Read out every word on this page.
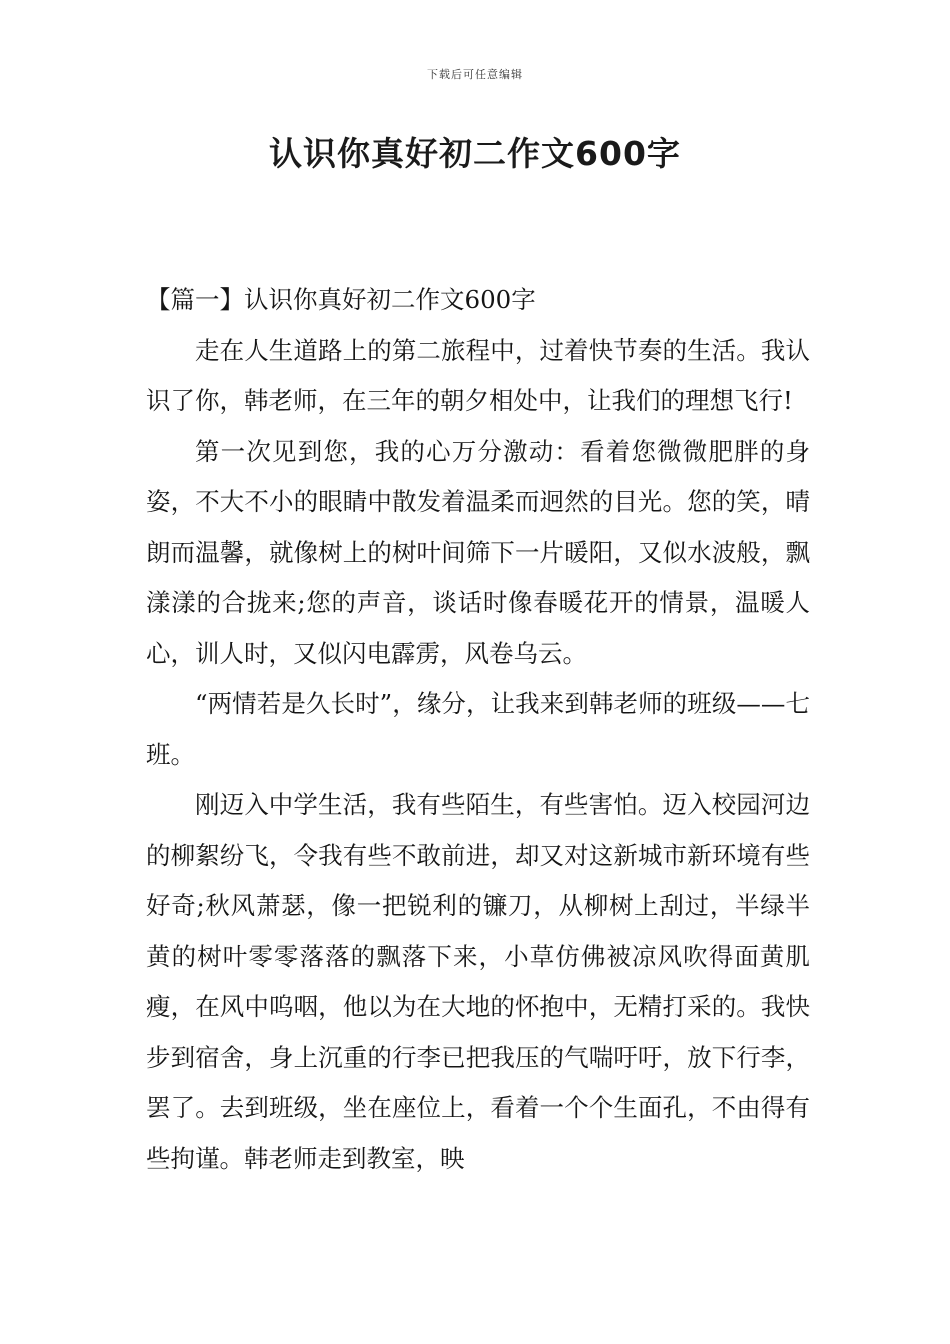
下载后可任意编辑
认识你真好初二作文600字

【篇一】认识你真好初二作文600字

走在人生道路上的第二旅程中，过着快节奏的生活。我认识了你，韩老师，在三年的朝夕相处中，让我们的理想飞行!

第一次见到您，我的心万分激动：看着您微微肥胖的身姿，不大不小的眼睛中散发着温柔而迥然的目光。您的笑，晴朗而温馨，就像树上的树叶间筛下一片暖阳，又似水波般，飘漾漾的合拢来;您的声音，谈话时像春暖花开的情景，温暖人心，训人时，又似闪电霹雳，风卷乌云。

“两情若是久长时”，缘分，让我来到韩老师的班级——七班。

刚迈入中学生活，我有些陌生，有些害怕。迈入校园河边的柳絮纷飞，令我有些不敢前进，却又对这新城市新环境有些好奇;秋风萧瑟，像一把锐利的镰刀，从柳树上刮过，半绿半黄的树叶零零落落的飘落下来，小草仿佛被凉风吹得面黄肌瘦，在风中呜咽，他以为在大地的怀抱中，无精打采的。我快步到宿舍，身上沉重的行李已把我压的气喘吁吁，放下行李，罢了。去到班级，坐在座位上，看着一个个生面孔，不由得有些拘谨。韩老师走到教室，映
